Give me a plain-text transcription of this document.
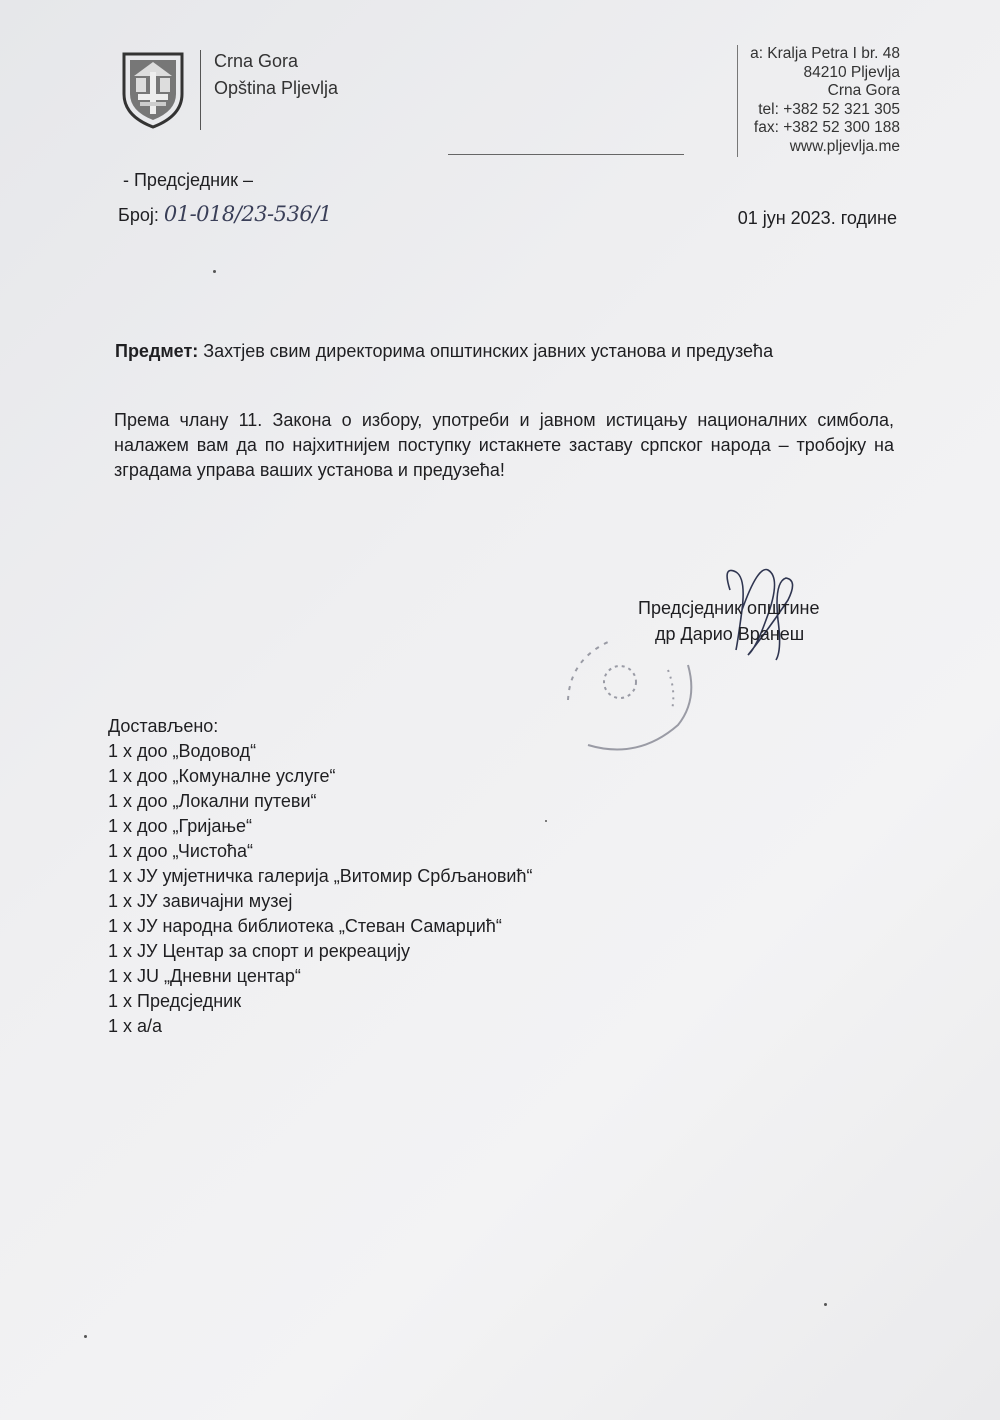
Crna Gora
Opština Pljevlja
a: Kralja Petra I br. 48
84210 Pljevlja
Crna Gora
tel: +382 52 321 305
fax: +382 52 300 188
www.pljevlja.me
- Предсједник –
Број: 01-018/23-536/1	01 јун 2023. године
Предмет: Захтјев свим директорима општинских јавних установа и предузећа
Према члану 11. Закона о избору, употреби и јавном истицању националних симбола, налажем вам да по најхитнијем поступку истакнете заставу српског народа – тробојку на зградама управа ваших установа и предузећа!
Предсједник општине
др Дарио Вранеш
Достављено:
1 х доо „Водовод“
1 х доо „Комуналне услуге“
1 х доо „Локални путеви“
1 х доо „Гријање“
1 х доо „Чистоћа“
1 х ЈУ умјетничка галерија „Витомир Србљановић“
1 х ЈУ завичајни музеј
1 х ЈУ народна библиотека „Стеван Самарџић“
1 х ЈУ Центар за спорт и рекреацију
1 х JU „Дневни центар“
1 х Предсједник
1 х а/а
